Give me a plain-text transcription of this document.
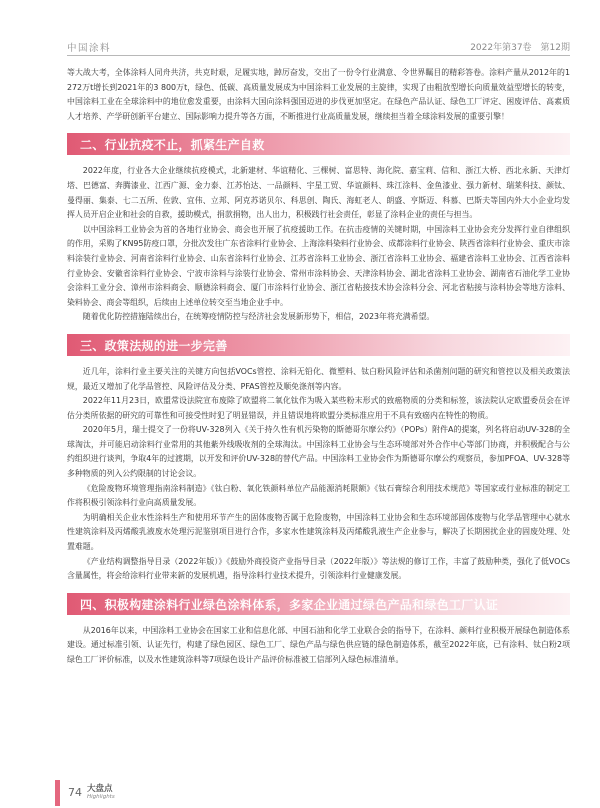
中国涂料	2022年第37卷　第12期

等大战大考，全体涂料人同舟共济，共克时艰，足履实地，踔厉奋发，交出了一份令行业满意、令世界瞩目的精彩答卷。涂料产量从2012年的1 272万t增长到2021年的3 800万t，绿色、低碳、高质量发展成为中国涂料工业发展的主旋律，实现了由粗放型增长向质量效益型增长的转变，中国涂料工业在全球涂料中的地位愈发重要，由涂料大国向涂料强国迈进的步伐更加坚定。在绿色产品认证、绿色工厂评定、困废评估、高素质人才培养、产学研创新平台建立、国际影响力提升等各方面，不断推进行业高质量发展，继续担当着全球涂料发展的重要引擎！

二、行业抗疫不止，抓紧生产自救

2022年度，行业各大企业继续抗疫模式，北新建材、华谊精化、三棵树、富思特、海化院、嘉宝莉、信和、浙江大桥、西北永新、天津灯塔、巴德富、奔腾漆业、江西广源、金力泰、江苏怡达、一品颜料、宇星工贸、华谊颜料、珠江涂料、金鱼漆业、强力新材、瑞莱科技、颜钛、曼得丽、集泰、七二五所、佐敦、宜伟、立邦、阿克苏诺贝尔、科思创、陶氏、海虹老人、朗盛、亨斯迈、科慕、巴斯夫等国内外大小企业均发挥人员开启企业和社会的自救，援助模式，捐款捐物，出人出力，积极践行社会责任，彰显了涂料企业的责任与担当。

以中国涂料工业协会为首的各地行业协会、商会也开展了抗疫援助工作。在抗击疫情的关键时期，中国涂料工业协会充分发挥行业自律组织的作用，采购了KN95防疫口罩，分批次发往广东省涂料行业协会、上海涂料染料行业协会、成都涂料行业协会、陕西省涂料行业协会、重庆市涂料涂装行业协会、河南省涂料行业协会、山东省涂料行业协会、江苏省涂料工业协会、浙江省涂料工业协会、福建省涂料工业协会、江西省涂料行业协会、安徽省涂料行业协会、宁波市涂料与涂装行业协会、常州市涂料协会、天津涂料协会、湖北省涂料工业协会、湖南省石油化学工业协会涂料工业分会、漳州市涂料商会、顺德涂料商会、厦门市涂料行业协会、浙江省粘接技术协会涂料分会、河北省粘接与涂料协会等地方涂料、染料协会、商会等组织，后续由上述单位转交至当地企业手中。

随着优化防控措施陆续出台，在统筹疫情防控与经济社会发展新形势下，相信，2023年将充满希望。

三、政策法规的进一步完善

近几年，涂料行业主要关注的关键方向包括VOCs管控、涂料无铅化、微塑料、钛白粉风险评估和杀菌剂问题的研究和管控以及相关政策法规，最近又增加了化学品管控、风险评估及分类、PFAS管控及顺免涤剂等内容。

2022年11月23日，欧盟常设法院宣布废除了欧盟将二氧化钛作为吸入某些粉末形式的致癌物质的分类和标签，该法院认定欧盟委员会在评估分类所依据的研究的可靠性和可接受性时犯了明显错误，并且错误地将欧盟分类标准应用于不具有致癌内在特性的物质。

2020年5月，瑞士提交了一份将UV-328列入《关于持久性有机污染物的斯德哥尔摩公约》（POPs）附件A的提案，列名将启动UV-328的全球淘汰，并可能启动涂料行业常用的其他紫外线吸收剂的全球淘汰。中国涂料工业协会与生态环境部对外合作中心等部门协商，并积极配合与公约组织进行谈判，争取4年的过渡期，以开发和评价UV-328的替代产品。中国涂料工业协会作为斯德哥尔摩公约观察员，参加PFOA、UV-328等多种物质的列入公约限制的讨论会议。

《危险废物环境管理指南涂料制造》《钛白粉、氧化铁颜料单位产品能源消耗限额》《钛石膏综合利用技术规范》等国家或行业标准的制定工作将积极引领涂料行业向高质量发展。

为明确相关企业水性涂料生产和使用环节产生的固体废物否属于危险废物，中国涂料工业协会和生态环境部固体废物与化学品管理中心就水性建筑涂料及丙烯酸乳液废水处理污泥鉴别项目进行合作，多家水性建筑涂料及丙烯酸乳液生产企业参与，解决了长期困扰企业的固废处理、处置难题。

《产业结构调整指导目录（2022年版）》《鼓励外商投资产业指导目录（2022年版）》等法规的修订工作，丰富了鼓励种类，强化了低VOCs含量属性，将会给涂料行业带来新的发展机遇，指导涂料行业技术提升，引领涂料行业健康发展。

四、积极构建涂料行业绿色涂料体系，多家企业通过绿色产品和绿色工厂认证

从2016年以来，中国涂料工业协会在国家工业和信息化部、中国石油和化学工业联合会的指导下，在涂料、颜料行业积极开展绿色制造体系建设。通过标准引领、认证先行，构建了绿色园区、绿色工厂、绿色产品与绿色供应链的绿色制造体系，截至2022年底，已有涂料、钛白粉2项绿色工厂评价标准，以及水性建筑涂料等7项绿色设计产品评价标准被工信部列入绿色标准清单。

74 大盘点
Highlights
